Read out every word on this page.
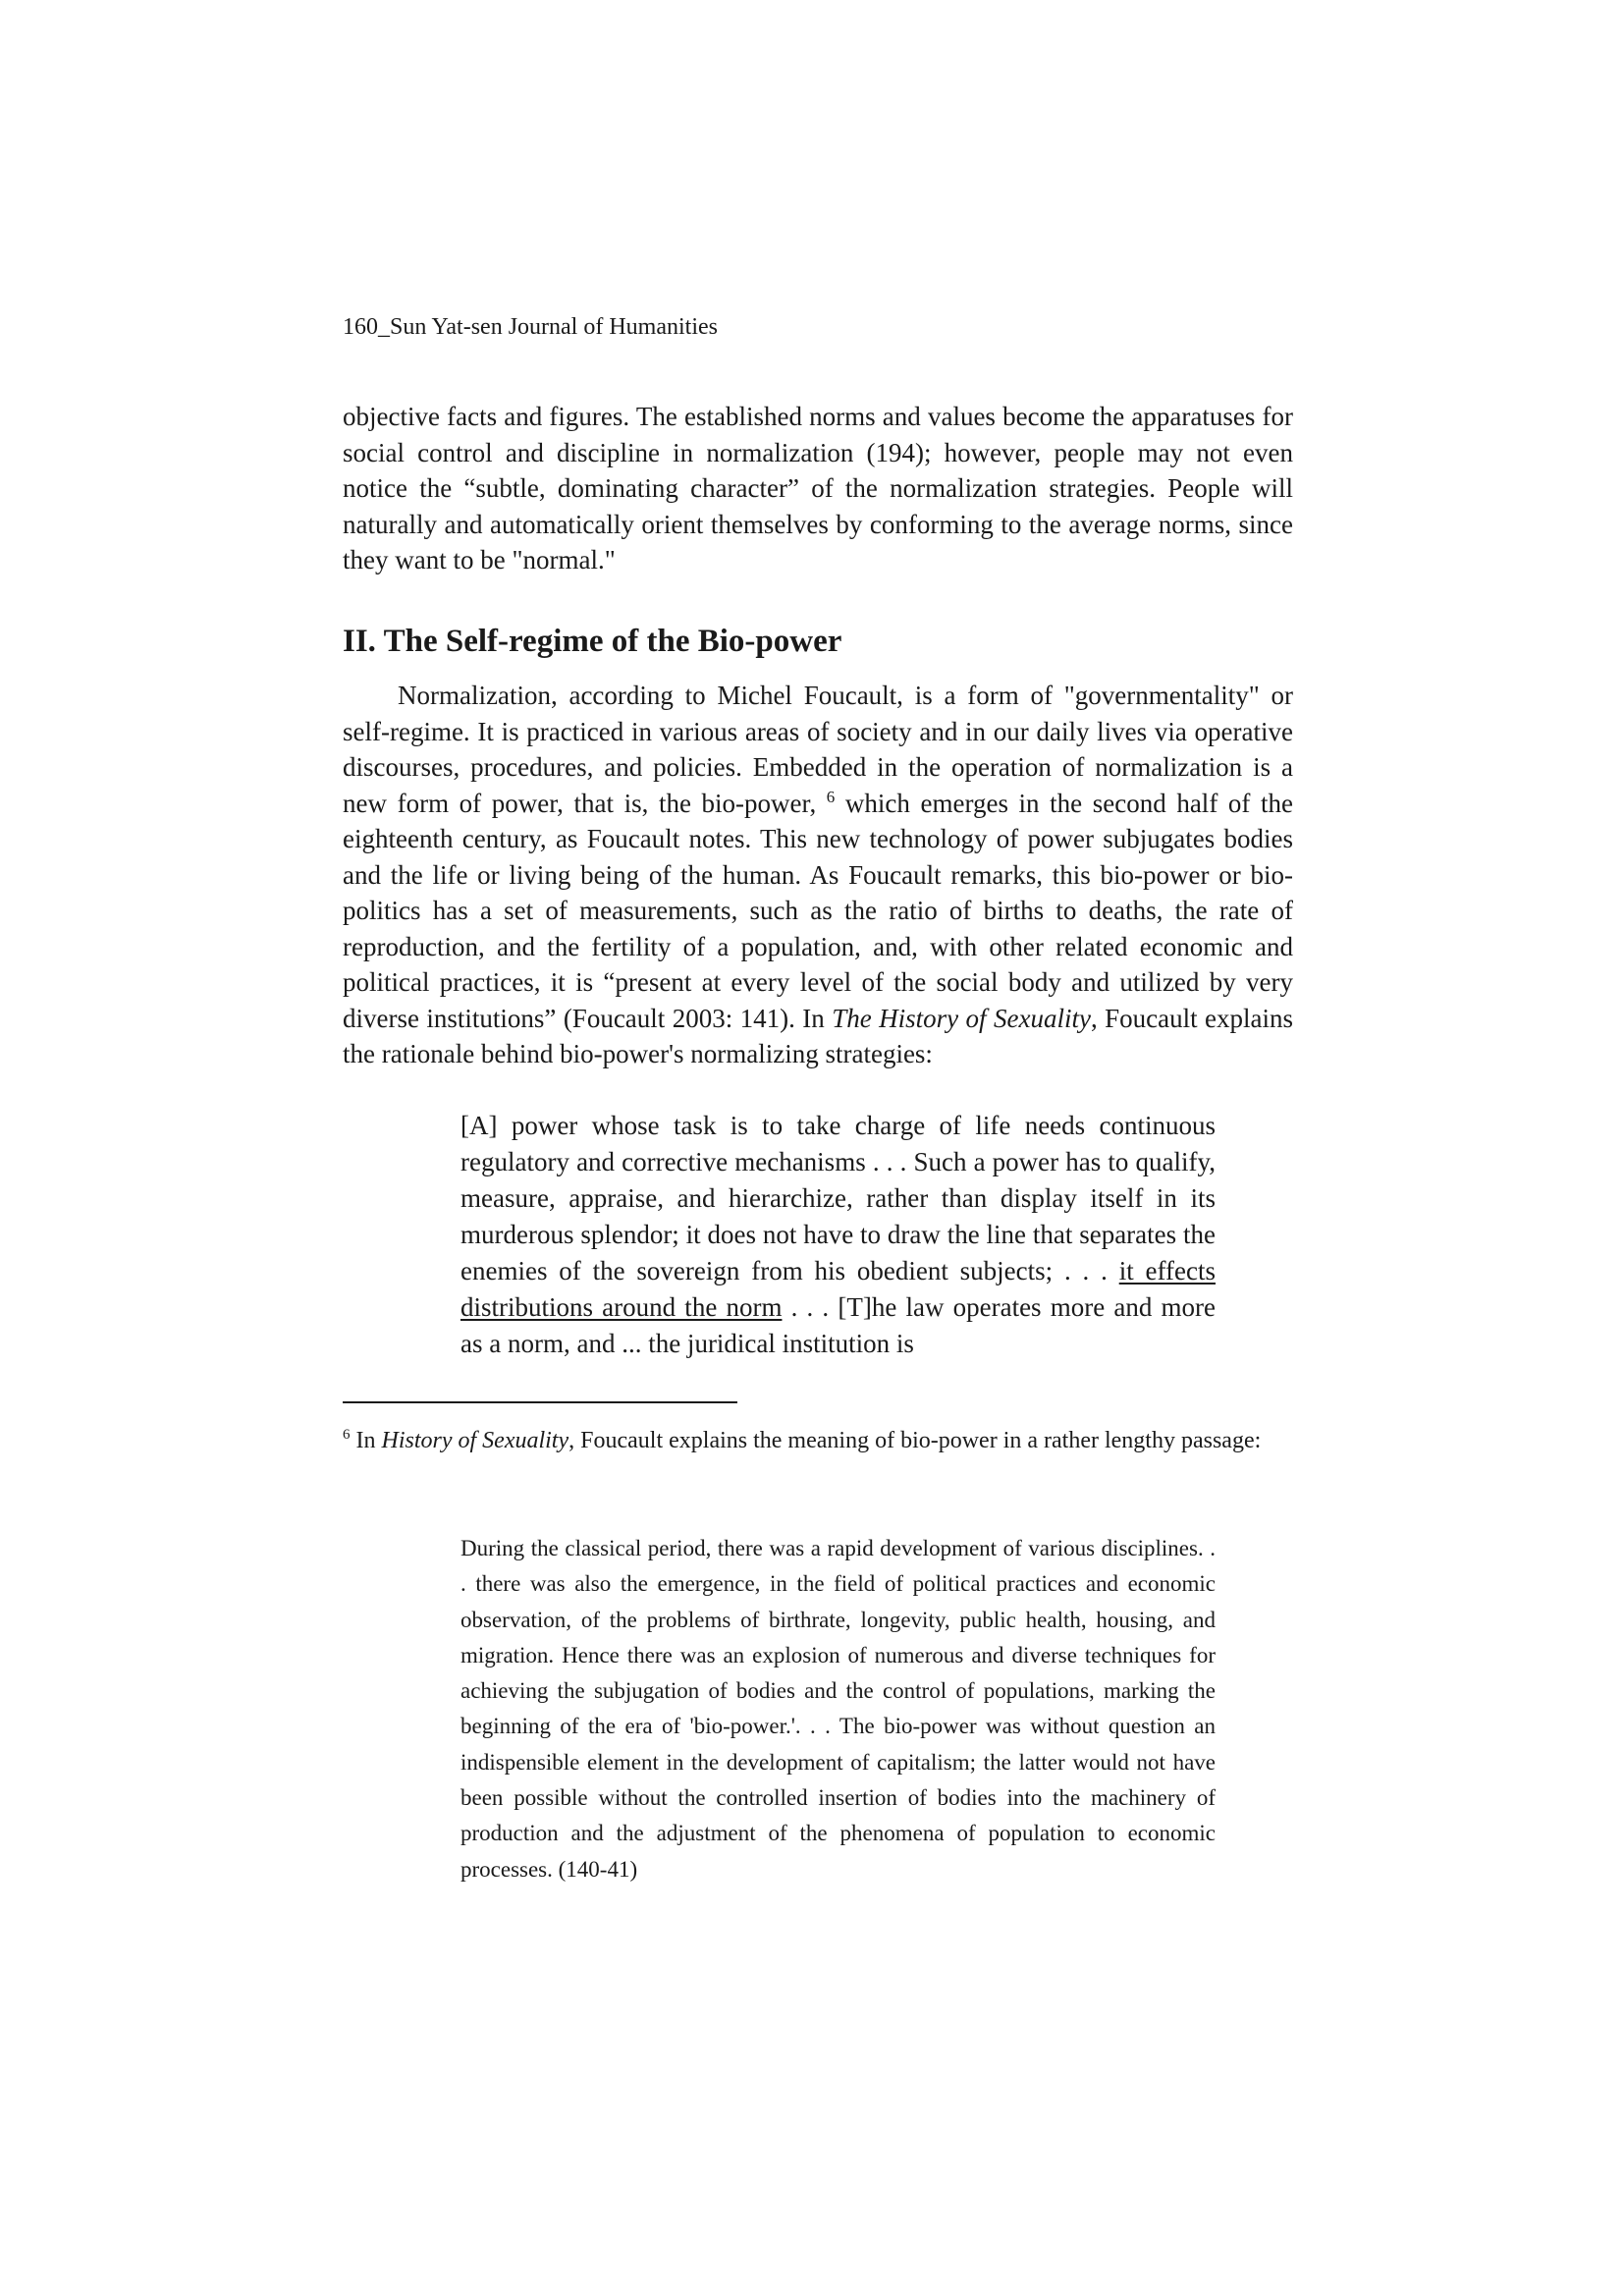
160_Sun Yat-sen Journal of Humanities

objective facts and figures. The established norms and values become the apparatuses for social control and discipline in normalization (194); however, people may not even notice the “subtle, dominating character” of the normalization strategies. People will naturally and automatically orient themselves by conforming to the average norms, since they want to be "normal."

II. The Self-regime of the Bio-power

Normalization, according to Michel Foucault, is a form of "governmentality" or self-regime. It is practiced in various areas of society and in our daily lives via operative discourses, procedures, and policies. Embedded in the operation of normalization is a new form of power, that is, the bio-power, $^6$ which emerges in the second half of the eighteenth century, as Foucault notes. This new technology of power subjugates bodies and the life or living being of the human. As Foucault remarks, this bio-power or bio-politics has a set of measurements, such as the ratio of births to deaths, the rate of reproduction, and the fertility of a population, and, with other related economic and political practices, it is “present at every level of the social body and utilized by very diverse institutions” (Foucault 2003: 141). In The History of Sexuality, Foucault explains the rationale behind bio-power's normalizing strategies:

[A] power whose task is to take charge of life needs continuous regulatory and corrective mechanisms . . . Such a power has to qualify, measure, appraise, and hierarchize, rather than display itself in its murderous splendor; it does not have to draw the line that separates the enemies of the sovereign from his obedient subjects; . . . it effects distributions around the norm . . . [T]he law operates more and more as a norm, and ... the juridical institution is

$^6$ In History of Sexuality, Foucault explains the meaning of bio-power in a rather lengthy passage:

During the classical period, there was a rapid development of various disciplines. . . there was also the emergence, in the field of political practices and economic observation, of the problems of birthrate, longevity, public health, housing, and migration. Hence there was an explosion of numerous and diverse techniques for achieving the subjugation of bodies and the control of populations, marking the beginning of the era of 'bio-power.'. . . The bio-power was without question an indispensible element in the development of capitalism; the latter would not have been possible without the controlled insertion of bodies into the machinery of production and the adjustment of the phenomena of population to economic processes. (140-41)
